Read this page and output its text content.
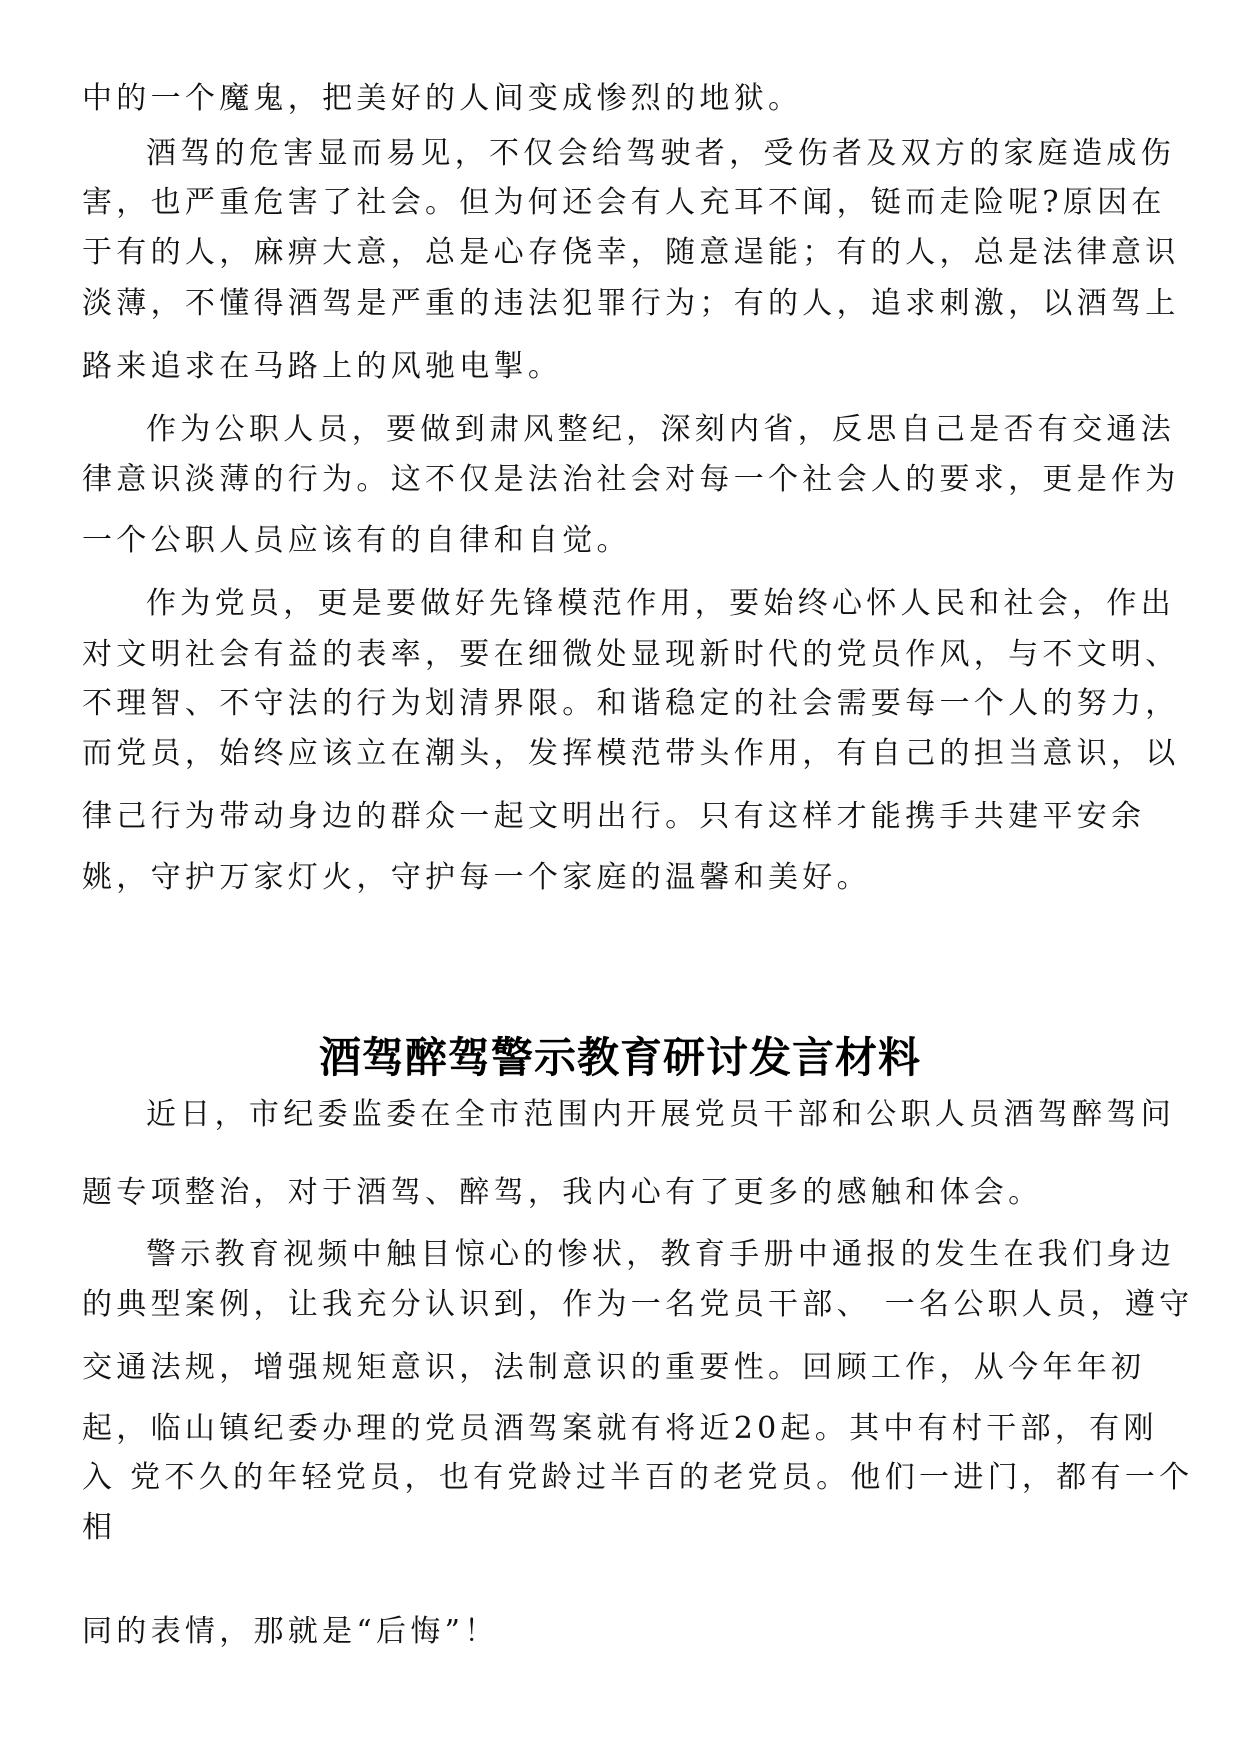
中的一个魔鬼，把美好的人间变成惨烈的地狱。
酒驾的危害显而易见，不仅会给驾驶者，受伤者及双方的家庭造成伤
害，也严重危害了社会。但为何还会有人充耳不闻，铤而走险呢?原因在
于有的人，麻痹大意，总是心存侥幸，随意逞能；有的人，总是法律意识
淡薄，不懂得酒驾是严重的违法犯罪行为；有的人，追求刺激，以酒驾上
路来追求在马路上的风驰电掣。
作为公职人员，要做到肃风整纪，深刻内省，反思自己是否有交通法
律意识淡薄的行为。这不仅是法治社会对每一个社会人的要求，更是作为
一个公职人员应该有的自律和自觉。
作为党员，更是要做好先锋模范作用，要始终心怀人民和社会，作出
对文明社会有益的表率，要在细微处显现新时代的党员作风，与不文明、
不理智、不守法的行为划清界限。和谐稳定的社会需要每一个人的努力，
而党员，始终应该立在潮头，发挥模范带头作用，有自己的担当意识，以
律己行为带动身边的群众一起文明出行。只有这样才能携手共建平安余
姚，守护万家灯火，守护每一个家庭的温馨和美好。
酒驾醉驾警示教育研讨发言材料
近日，市纪委监委在全市范围内开展党员干部和公职人员酒驾醉驾问
题专项整治，对于酒驾、醉驾，我内心有了更多的感触和体会。
警示教育视频中触目惊心的惨状，教育手册中通报的发生在我们身边
的典型案例，让我充分认识到，作为一名党员干部、 一名公职人员，遵守
交通法规，增强规矩意识，法制意识的重要性。回顾工作，从今年年初
起，临山镇纪委办理的党员酒驾案就有将近20起。其中有村干部，有刚
入 党不久的年轻党员，也有党龄过半百的老党员。他们一进门，都有一个
相
同的表情，那就是“后悔”！
